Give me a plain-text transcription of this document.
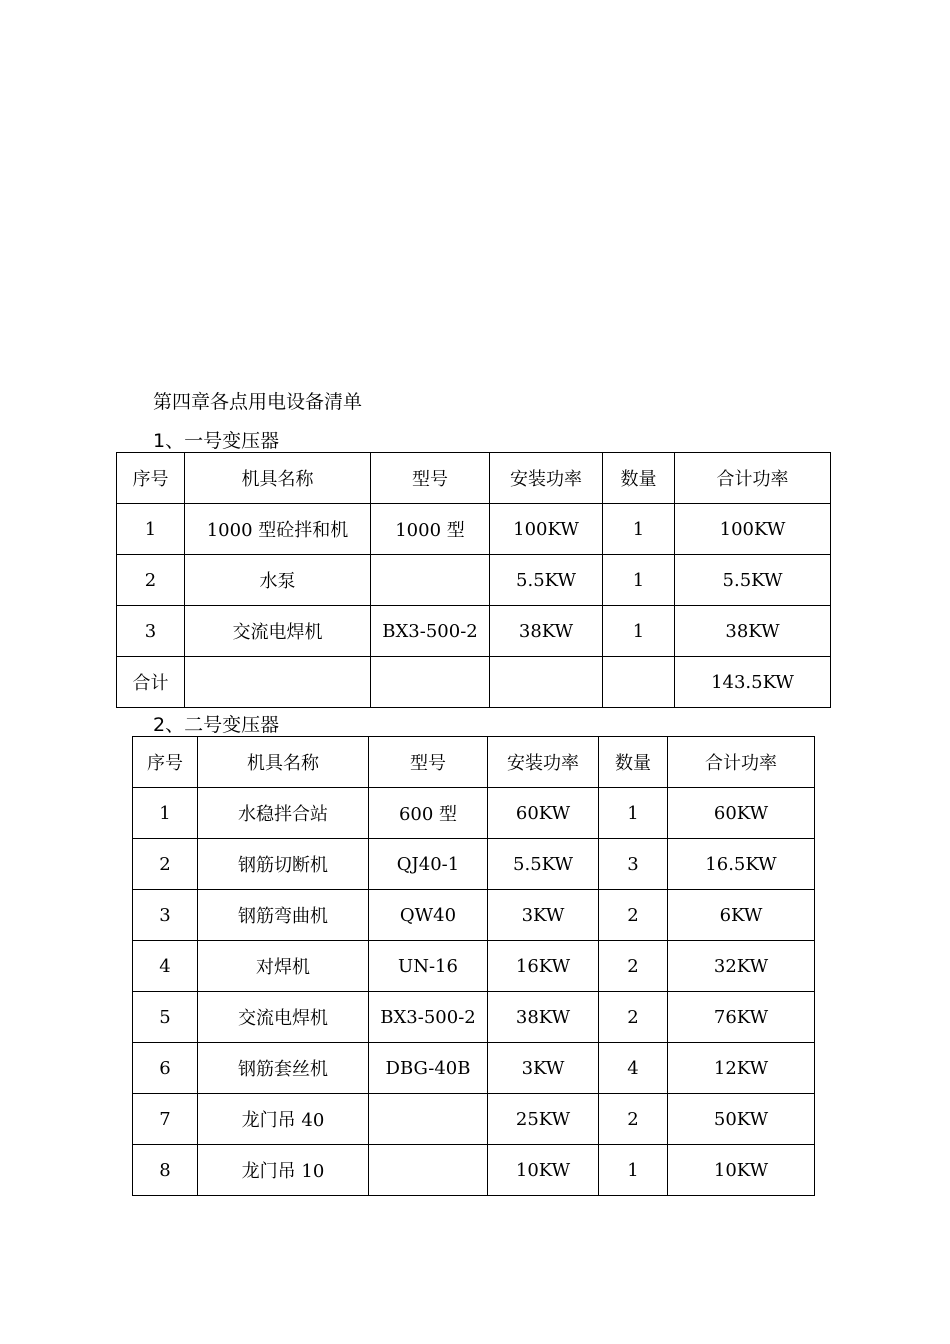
第四章各点用电设备清单
1、一号变压器
序号	机具名称	型号	安装功率	数量	合计功率
1	1000 型砼拌和机	1000 型	100KW	1	100KW
2	水泵		5.5KW	1	5.5KW
3	交流电焊机	BX3-500-2	38KW	1	38KW
合计					143.5KW
2、二号变压器
序号	机具名称	型号	安装功率	数量	合计功率
1	水稳拌合站	600 型	60KW	1	60KW
2	钢筋切断机	QJ40-1	5.5KW	3	16.5KW
3	钢筋弯曲机	QW40	3KW	2	6KW
4	对焊机	UN-16	16KW	2	32KW
5	交流电焊机	BX3-500-2	38KW	2	76KW
6	钢筋套丝机	DBG-40B	3KW	4	12KW
7	龙门吊 40		25KW	2	50KW
8	龙门吊 10		10KW	1	10KW
